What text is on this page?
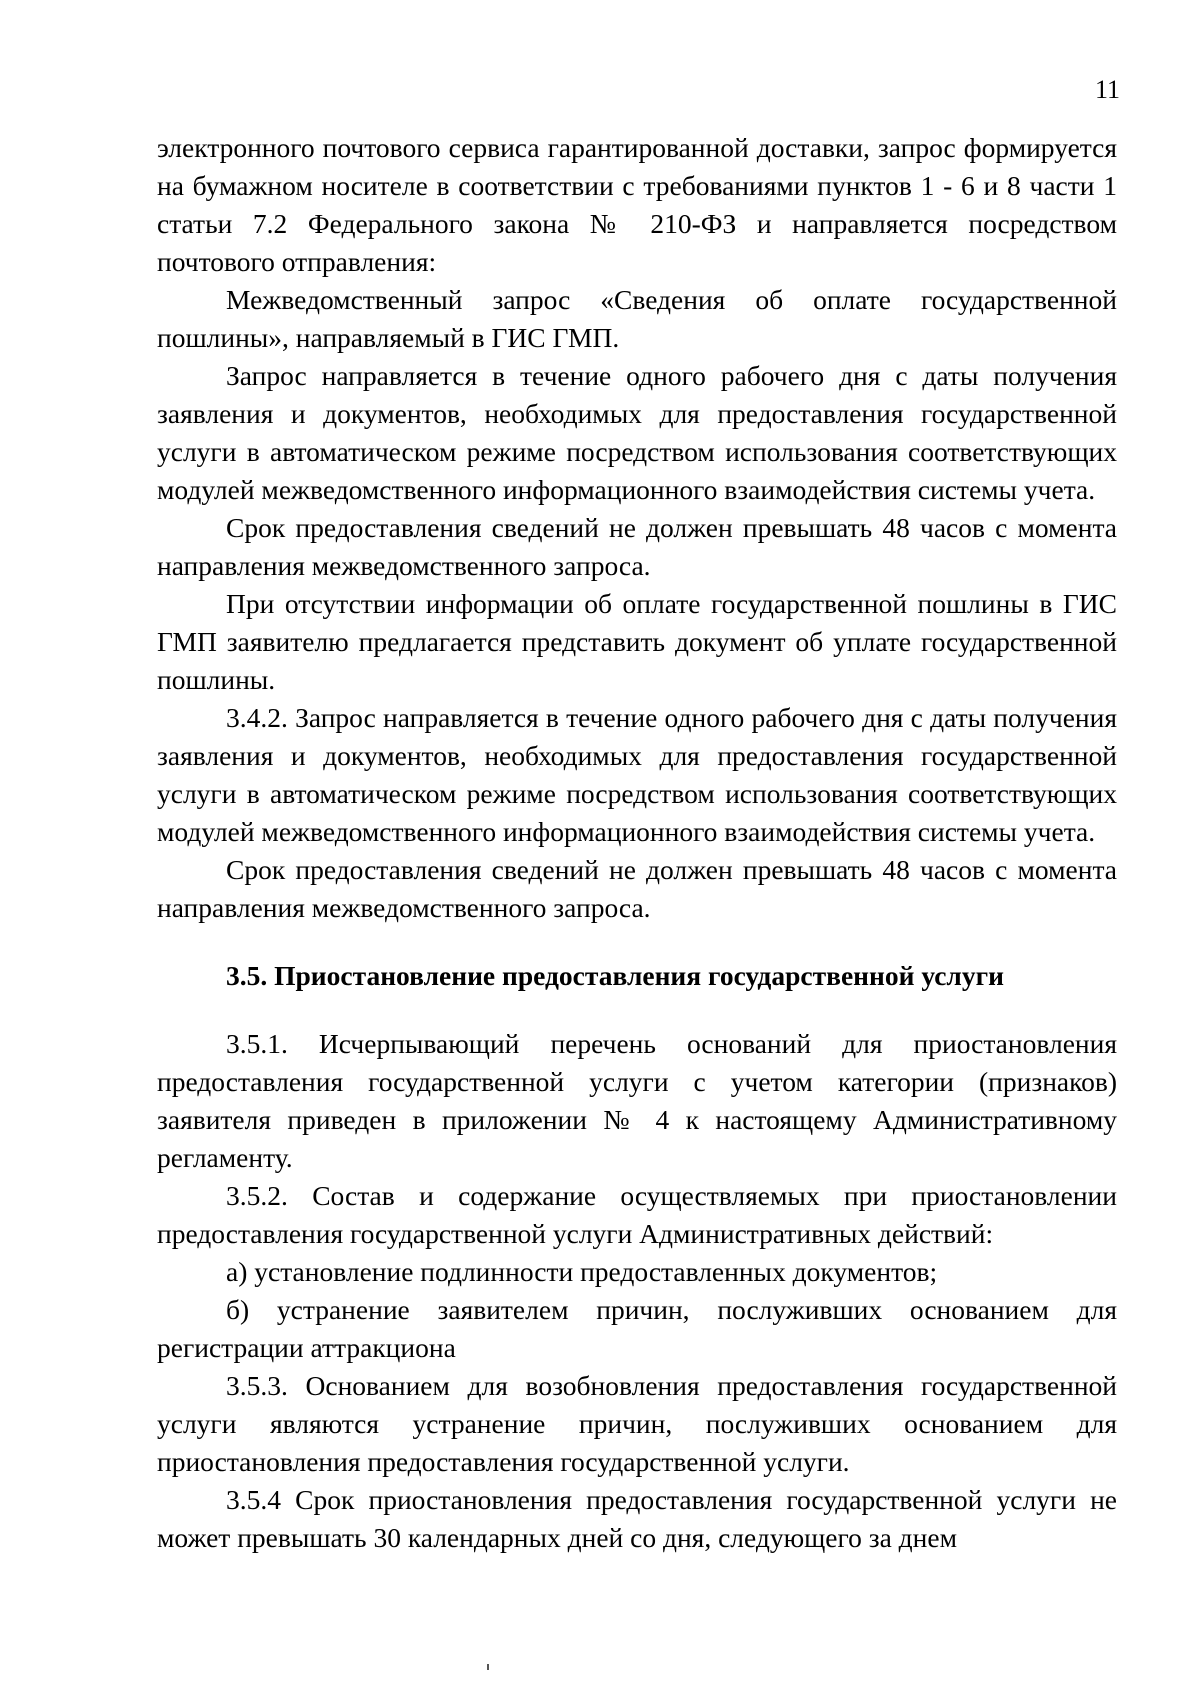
11

электронного почтового сервиса гарантированной доставки, запрос формируется на бумажном носителе в соответствии с требованиями пунктов 1 - 6 и 8 части 1 статьи 7.2 Федерального закона № 210-ФЗ и направляется посредством почтового отправления:

Межведомственный запрос «Сведения об оплате государственной пошлины», направляемый в ГИС ГМП.

Запрос направляется в течение одного рабочего дня с даты получения заявления и документов, необходимых для предоставления государственной услуги в автоматическом режиме посредством использования соответствующих модулей межведомственного информационного взаимодействия системы учета.

Срок предоставления сведений не должен превышать 48 часов с момента направления межведомственного запроса.

При отсутствии информации об оплате государственной пошлины в ГИС ГМП заявителю предлагается представить документ об уплате государственной пошлины.

3.4.2. Запрос направляется в течение одного рабочего дня с даты получения заявления и документов, необходимых для предоставления государственной услуги в автоматическом режиме посредством использования соответствующих модулей межведомственного информационного взаимодействия системы учета.

Срок предоставления сведений не должен превышать 48 часов с момента направления межведомственного запроса.

3.5. Приостановление предоставления государственной услуги

3.5.1. Исчерпывающий перечень оснований для приостановления предоставления государственной услуги с учетом категории (признаков) заявителя приведен в приложении № 4 к настоящему Административному регламенту.

3.5.2. Состав и содержание осуществляемых при приостановлении предоставления государственной услуги Административных действий:

а) установление подлинности предоставленных документов;

б) устранение заявителем причин, послуживших основанием для регистрации аттракциона

3.5.3. Основанием для возобновления предоставления государственной услуги являются устранение причин, послуживших основанием для приостановления предоставления государственной услуги.

3.5.4 Срок приостановления предоставления государственной услуги не может превышать 30 календарных дней со дня, следующего за днем
